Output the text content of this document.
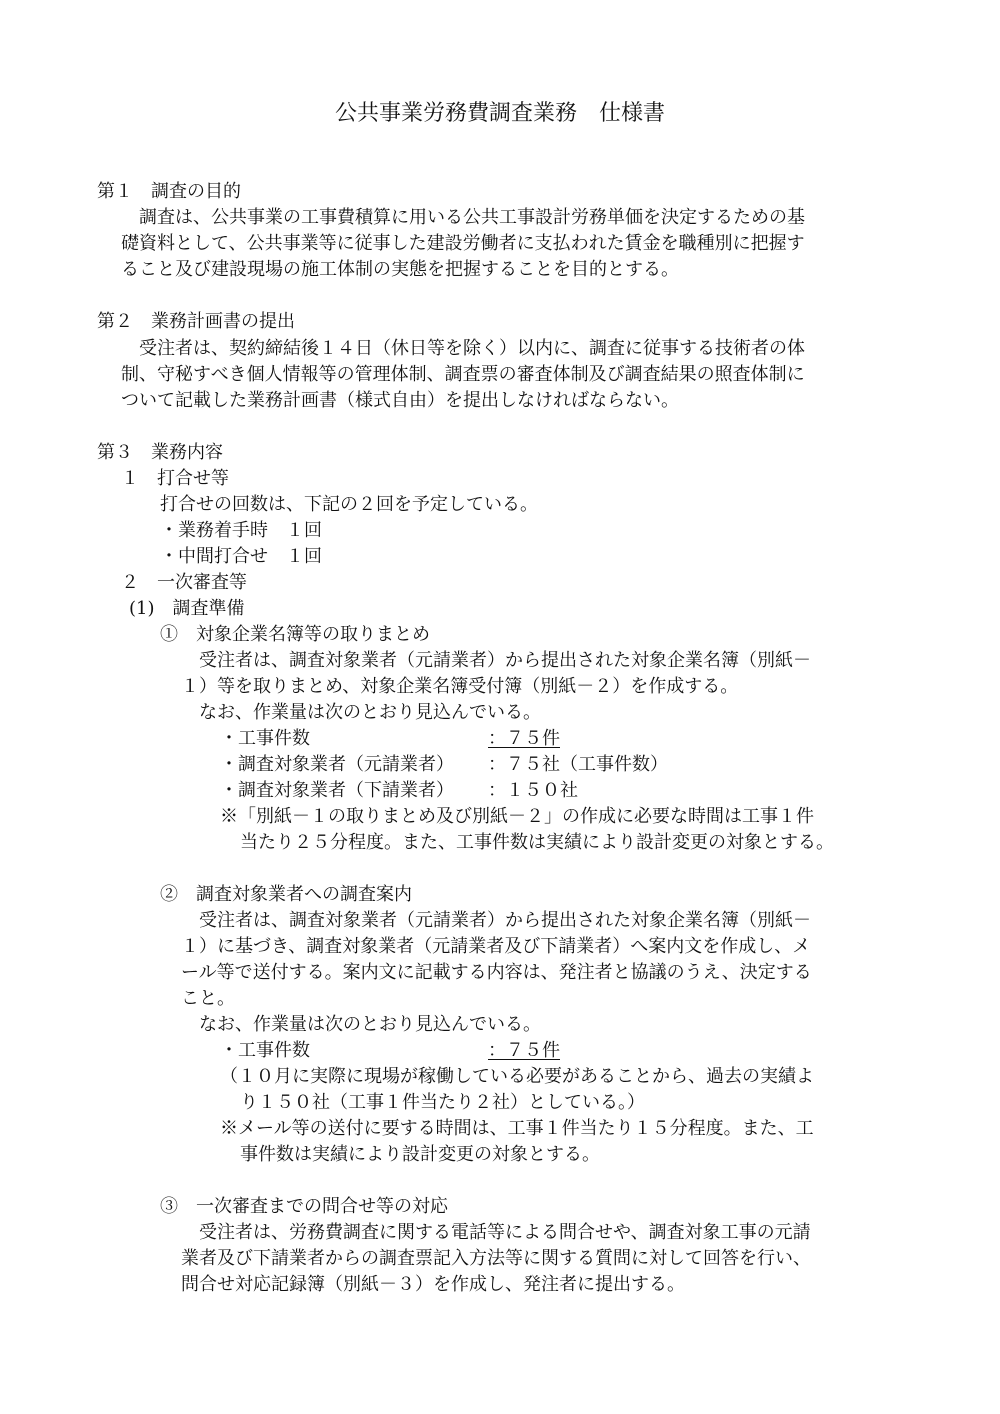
公共事業労務費調査業務　仕様書
第１　調査の目的
調査は、公共事業の工事費積算に用いる公共工事設計労務単価を決定するための基
礎資料として、公共事業等に従事した建設労働者に支払われた賃金を職種別に把握す
ること及び建設現場の施工体制の実態を把握することを目的とする。
第２　業務計画書の提出
受注者は、契約締結後１４日（休日等を除く）以内に、調査に従事する技術者の体
制、守秘すべき個人情報等の管理体制、調査票の審査体制及び調査結果の照査体制に
ついて記載した業務計画書（様式自由）を提出しなければならない。
第３　業務内容
１　打合せ等
打合せの回数は、下記の２回を予定している。
・業務着手時　１回
・中間打合せ　１回
２　一次審査等
(1)　調査準備
①　対象企業名簿等の取りまとめ
受注者は、調査対象業者（元請業者）から提出された対象企業名簿（別紙－
１）等を取りまとめ、対象企業名簿受付簿（別紙－２）を作成する。
なお、作業量は次のとおり見込んでいる。
・工事件数	：７５件
・調査対象業者（元請業者） ：７５社（工事件数）
・調査対象業者（下請業者） ：１５０社
※「別紙－１の取りまとめ及び別紙－２」の作成に必要な時間は工事１件
当たり２５分程度。また、工事件数は実績により設計変更の対象とする。
②　調査対象業者への調査案内
受注者は、調査対象業者（元請業者）から提出された対象企業名簿（別紙－
１）に基づき、調査対象業者（元請業者及び下請業者）へ案内文を作成し、メ
ール等で送付する。案内文に記載する内容は、発注者と協議のうえ、決定する
こと。
なお、作業量は次のとおり見込んでいる。
・工事件数	：７５件
（１０月に実際に現場が稼働している必要があることから、過去の実績よ
り１５０社（工事１件当たり２社）としている。）
※メール等の送付に要する時間は、工事１件当たり１５分程度。また、工
事件数は実績により設計変更の対象とする。
③　一次審査までの問合せ等の対応
受注者は、労務費調査に関する電話等による問合せや、調査対象工事の元請
業者及び下請業者からの調査票記入方法等に関する質問に対して回答を行い、
問合せ対応記録簿（別紙－３）を作成し、発注者に提出する。
